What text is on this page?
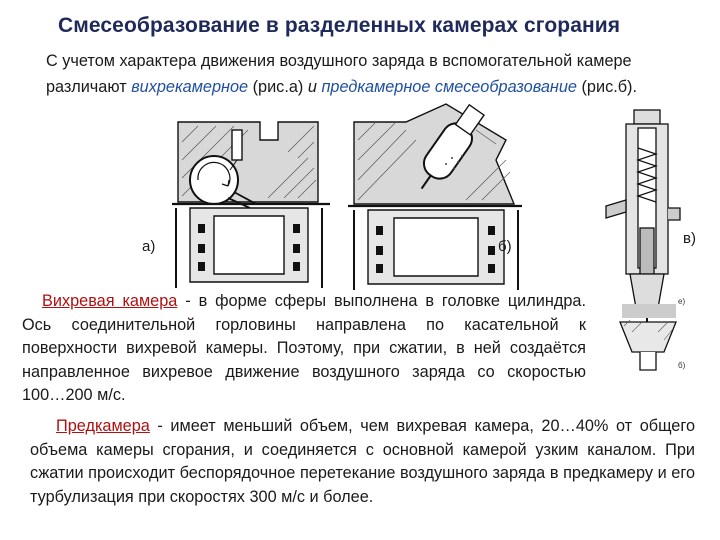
Смесеобразование в разделенных камерах сгорания
С учетом характера движения воздушного заряда в вспомогательной камере различают вихрекамерное (рис.а) и предкамерное смесеобразование (рис.б).
а)	б)
е)
б)
в)
Вихревая камера - в форме сферы выполнена в головке цилиндра. Ось соединительной горловины направлена по касательной к поверхности вихревой камеры. Поэтому, при сжатии, в ней создаётся направленное вихревое движение воздушного заряда со скоростью 100…200 м/с.
Предкамера - имеет меньший объем, чем вихревая камера, 20…40% от общего объема камеры сгорания, и соединяется с основной камерой узким каналом. При сжатии происходит беспорядочное перетекание воздушного заряда в предкамеру и его турбулизация при скоростях 300 м/с и более.
